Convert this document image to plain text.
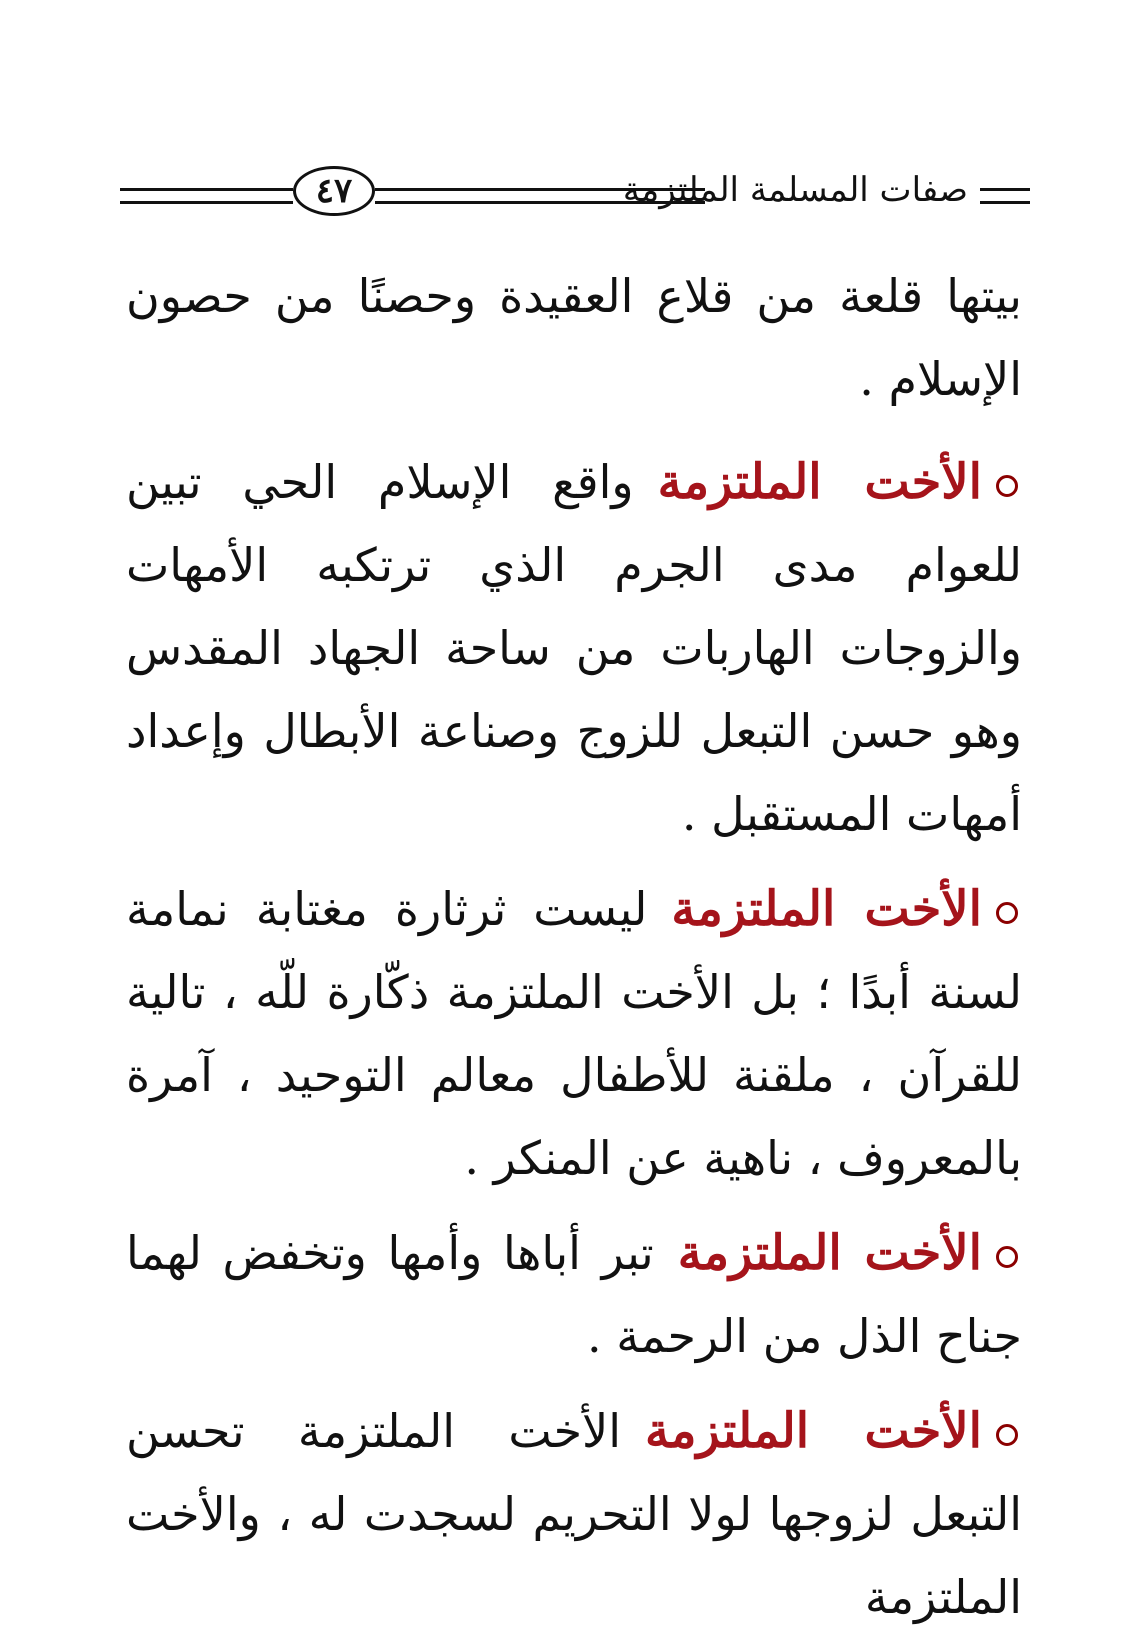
صفات المسلمة الملتزمة
٤٧

بيتها قلعة من قلاع العقيدة وحصنًا من حصون الإسلام .

الأخت الملتزمةواقع الإسلام الحي تبين للعوام مدى الجرم الذي ترتكبه الأمهات والزوجات الهاربات من ساحة الجهاد المقدس وهو حسن التبعل للزوج وصناعة الأبطال وإعداد أمهات المستقبل .

الأخت الملتزمةليست ثرثارة مغتابة نمامة لسنة أبدًا ؛ بل الأخت الملتزمة ذكّارة للّه ، تالية للقرآن ، ملقنة للأطفال معالم التوحيد ، آمرة بالمعروف ، ناهية عن المنكر .

الأخت الملتزمةتبر أباها وأمها وتخفض لهما جناح الذل من الرحمة .

الأخت الملتزمةالأخت الملتزمة تحسن التبعل لزوجها لولا التحريم لسجدت له ، والأخت الملتزمة
